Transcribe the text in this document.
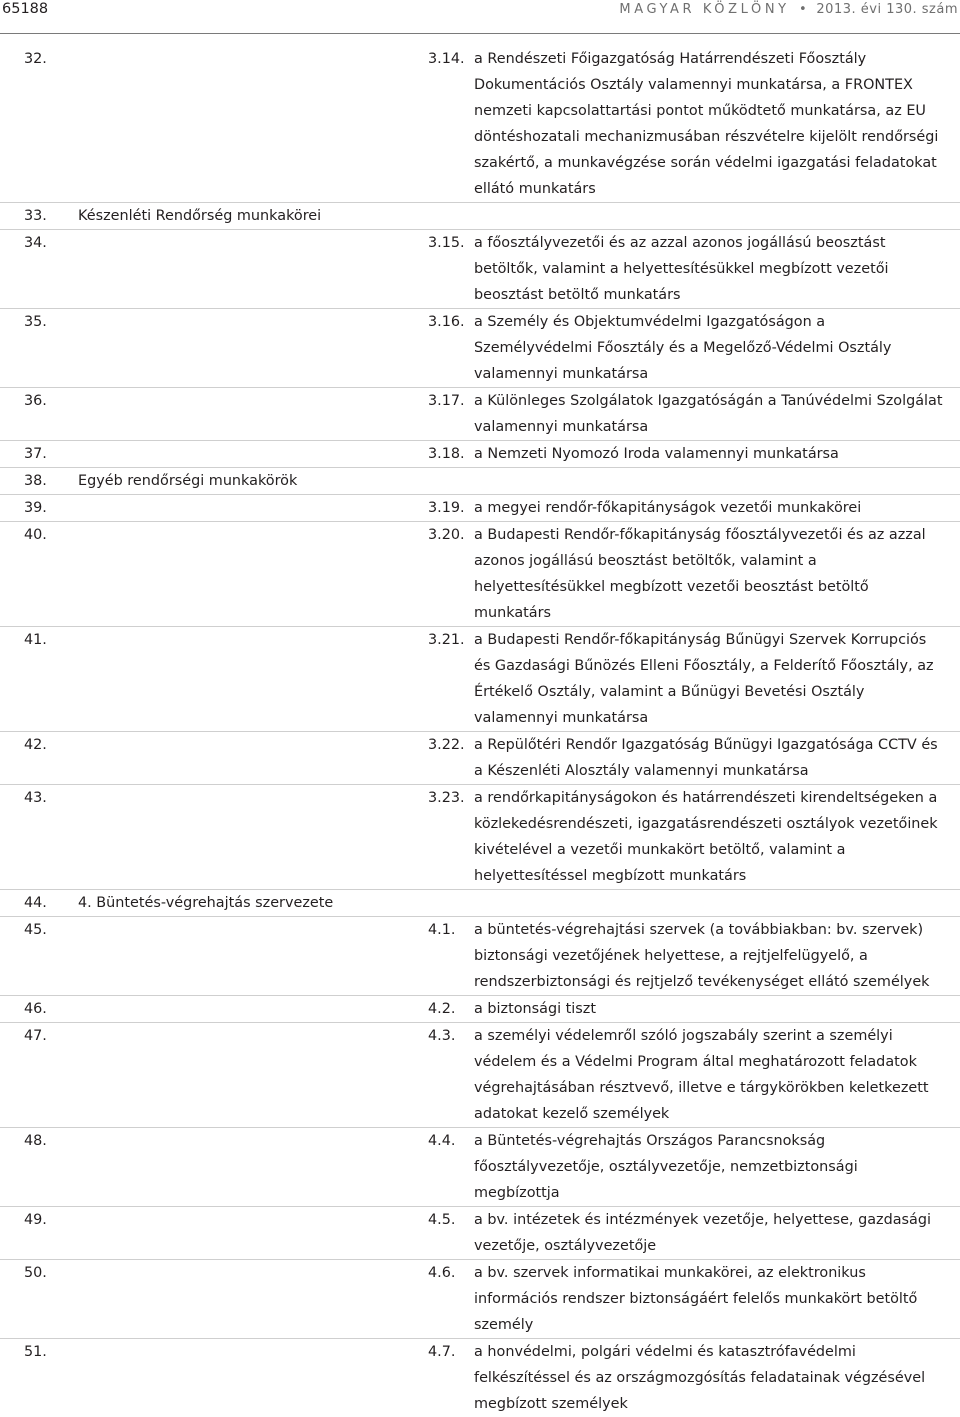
65188	MAGYAR KÖZLÖNY  •  2013. évi 130. szám
32.		3.14. a Rendészeti Főigazgatóság Határrendészeti Főosztály Dokumentációs Osztály valamennyi munkatársa, a FRONTEX nemzeti kapcsolattartási pontot működtető munkatársa, az EU döntéshozatali mechanizmusában részvételre kijelölt rendőrségi szakértő, a munkavégzése során védelmi igazgatási feladatokat ellátó munkatárs

33.	Készenléti Rendőrség munkakörei	
34.		3.15. a főosztályvezetői és az azzal azonos jogállású beosztást betöltők, valamint a helyettesítésükkel megbízott vezetői beosztást betöltő munkatárs

35.		3.16. a Személy és Objektumvédelmi Igazgatóságon a Személyvédelmi Főosztály és a Megelőző-Védelmi Osztály valamennyi munkatársa

36.		3.17. a Különleges Szolgálatok Igazgatóságán a Tanúvédelmi Szolgálat valamennyi munkatársa

37.		3.18. a Nemzeti Nyomozó Iroda valamennyi munkatársa

38.	Egyéb rendőrségi munkakörök	
39.		3.19. a megyei rendőr-főkapitányságok vezetői munkakörei

40.		3.20. a Budapesti Rendőr-főkapitányság főosztályvezetői és az azzal azonos jogállású beosztást betöltők, valamint a helyettesítésükkel megbízott vezetői beosztást betöltő munkatárs

41.		3.21. a Budapesti Rendőr-főkapitányság Bűnügyi Szervek Korrupciós és Gazdasági Bűnözés Elleni Főosztály, a Felderítő Főosztály, az Értékelő Osztály, valamint a Bűnügyi Bevetési Osztály valamennyi munkatársa

42.		3.22. a Repülőtéri Rendőr Igazgatóság Bűnügyi Igazgatósága CCTV és a Készenléti Alosztály valamennyi munkatársa

43.		3.23. a rendőrkapitányságokon és határrendészeti kirendeltségeken a közlekedésrendészeti, igazgatásrendészeti osztályok vezetőinek kivételével a vezetői munkakört betöltő, valamint a helyettesítéssel megbízott munkatárs

44.	4. Büntetés-végrehajtás szervezete	
45.		4.1. a büntetés-végrehajtási szervek (a továbbiakban: bv. szervek) biztonsági vezetőjének helyettese, a rejtjelfelügyelő, a rendszerbiztonsági és rejtjelző tevékenységet ellátó személyek

46.		4.2. a biztonsági tiszt

47.		4.3. a személyi védelemről szóló jogszabály szerint a személyi védelem és a Védelmi Program által meghatározott feladatok végrehajtásában résztvevő, illetve e tárgykörökben keletkezett adatokat kezelő személyek

48.		4.4. a Büntetés-végrehajtás Országos Parancsnokság főosztályvezetője, osztályvezetője, nemzetbiztonsági megbízottja

49.		4.5. a bv. intézetek és intézmények vezetője, helyettese, gazdasági vezetője, osztályvezetője

50.		4.6. a bv. szervek informatikai munkakörei, az elektronikus információs rendszer biztonságáért felelős munkakört betöltő személy

51.		4.7. a honvédelmi, polgári védelmi és katasztrófavédelmi felkészítéssel és az országmozgósítás feladatainak végzésével megbízott személyek
